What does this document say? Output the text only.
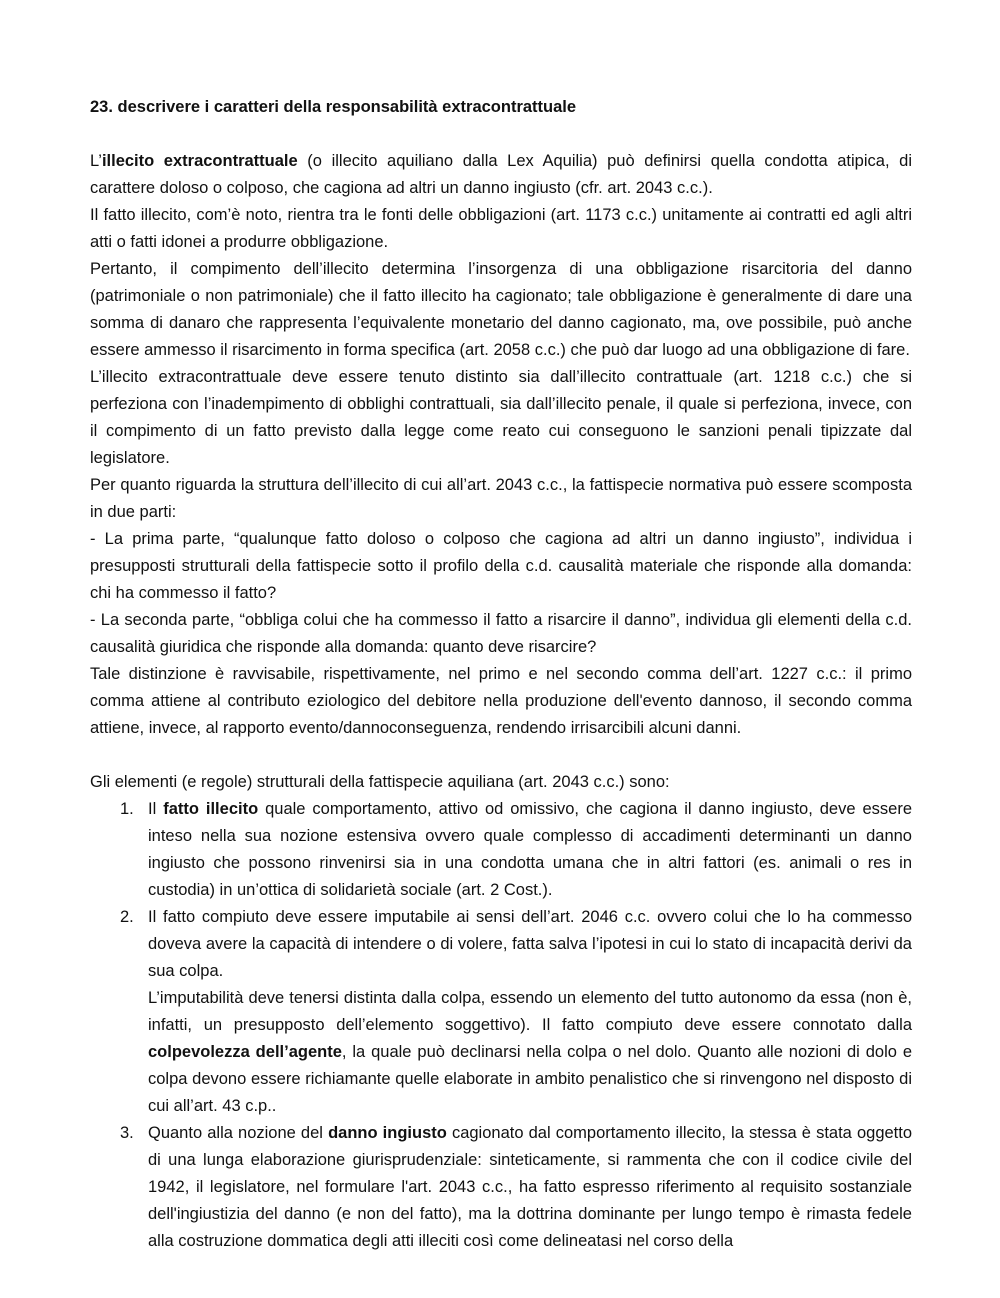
23. descrivere i caratteri della responsabilità extracontrattuale

L’illecito extracontrattuale (o illecito aquiliano dalla Lex Aquilia) può definirsi quella condotta atipica, di carattere doloso o colposo, che cagiona ad altri un danno ingiusto (cfr. art. 2043 c.c.).

Il fatto illecito, com’è noto, rientra tra le fonti delle obbligazioni (art. 1173 c.c.) unitamente ai contratti ed agli altri atti o fatti idonei a produrre obbligazione.

Pertanto, il compimento dell’illecito determina l’insorgenza di una obbligazione risarcitoria del danno (patrimoniale o non patrimoniale) che il fatto illecito ha cagionato; tale obbligazione è generalmente di dare una somma di danaro che rappresenta l’equivalente monetario del danno cagionato, ma, ove possibile, può anche essere ammesso il risarcimento in forma specifica (art. 2058 c.c.) che può dar luogo ad una obbligazione di fare.

L’illecito extracontrattuale deve essere tenuto distinto sia dall’illecito contrattuale (art. 1218 c.c.) che si perfeziona con l’inadempimento di obblighi contrattuali, sia dall’illecito penale, il quale si perfeziona, invece, con il compimento di un fatto previsto dalla legge come reato cui conseguono le sanzioni penali tipizzate dal legislatore.

Per quanto riguarda la struttura dell’illecito di cui all’art. 2043 c.c., la fattispecie normativa può essere scomposta in due parti:

- La prima parte, “qualunque fatto doloso o colposo che cagiona ad altri un danno ingiusto”, individua i presupposti strutturali della fattispecie sotto il profilo della c.d. causalità materiale che risponde alla domanda: chi ha commesso il fatto?

- La seconda parte, “obbliga colui che ha commesso il fatto a risarcire il danno”, individua gli elementi della c.d. causalità giuridica che risponde alla domanda: quanto deve risarcire?

Tale distinzione è ravvisabile, rispettivamente, nel primo e nel secondo comma dell’art. 1227 c.c.: il primo comma attiene al contributo eziologico del debitore nella produzione dell'evento dannoso, il secondo comma attiene, invece, al rapporto evento/dannoconseguenza, rendendo irrisarcibili alcuni danni.

Gli elementi (e regole) strutturali della fattispecie aquiliana (art. 2043 c.c.) sono:

1. Il fatto illecito quale comportamento, attivo od omissivo, che cagiona il danno ingiusto, deve essere inteso nella sua nozione estensiva ovvero quale complesso di accadimenti determinanti un danno ingiusto che possono rinvenirsi sia in una condotta umana che in altri fattori (es. animali o res in custodia) in un’ottica di solidarietà sociale (art. 2 Cost.).

2. Il fatto compiuto deve essere imputabile ai sensi dell’art. 2046 c.c. ovvero colui che lo ha commesso doveva avere la capacità di intendere o di volere, fatta salva l’ipotesi in cui lo stato di incapacità derivi da sua colpa.

L’imputabilità deve tenersi distinta dalla colpa, essendo un elemento del tutto autonomo da essa (non è, infatti, un presupposto dell’elemento soggettivo). Il fatto compiuto deve essere connotato dalla colpevolezza dell’agente, la quale può declinarsi nella colpa o nel dolo. Quanto alle nozioni di dolo e colpa devono essere richiamante quelle elaborate in ambito penalistico che si rinvengono nel disposto di cui all’art. 43 c.p..

3. Quanto alla nozione del danno ingiusto cagionato dal comportamento illecito, la stessa è stata oggetto di una lunga elaborazione giurisprudenziale: sinteticamente, si rammenta che con il codice civile del 1942, il legislatore, nel formulare l'art. 2043 c.c., ha fatto espresso riferimento al requisito sostanziale dell'ingiustizia del danno (e non del fatto), ma la dottrina dominante per lungo tempo è rimasta fedele alla costruzione dommatica degli atti illeciti così come delineatasi nel corso della
